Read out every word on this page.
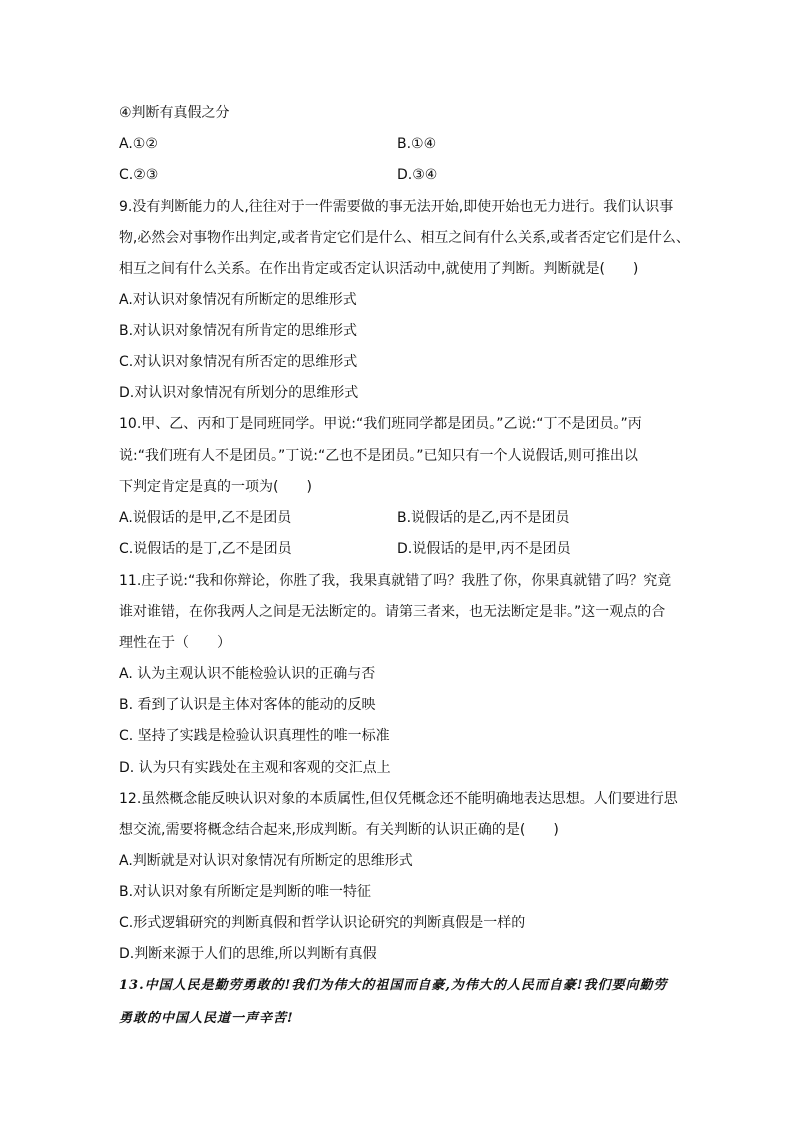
④判断有真假之分
A.①②	B.①④
C.②③	D.③④
9.没有判断能力的人,往往对于一件需要做的事无法开始,即使开始也无力进行。我们认识事
物,必然会对事物作出判定,或者肯定它们是什么、相互之间有什么关系,或者否定它们是什么、
相互之间有什么关系。在作出肯定或否定认识活动中,就使用了判断。判断就是(　　)
A.对认识对象情况有所断定的思维形式
B.对认识对象情况有所肯定的思维形式
C.对认识对象情况有所否定的思维形式
D.对认识对象情况有所划分的思维形式
10.甲、乙、丙和丁是同班同学。甲说:“我们班同学都是团员。”乙说:“丁不是团员。”丙
说:“我们班有人不是团员。”丁说:“乙也不是团员。”已知只有一个人说假话,则可推出以
下判定肯定是真的一项为(　　)
A.说假话的是甲,乙不是团员	B.说假话的是乙,丙不是团员
C.说假话的是丁,乙不是团员	D.说假话的是甲,丙不是团员
11.庄子说:“我和你辩论，你胜了我，我果真就错了吗？我胜了你，你果真就错了吗？究竟
谁对谁错，在你我两人之间是无法断定的。请第三者来，也无法断定是非。”这一观点的合
理性在于（　　）
A. 认为主观认识不能检验认识的正确与否
B. 看到了认识是主体对客体的能动的反映
C. 坚持了实践是检验认识真理性的唯一标准
D. 认为只有实践处在主观和客观的交汇点上
12.虽然概念能反映认识对象的本质属性,但仅凭概念还不能明确地表达思想。人们要进行思
想交流,需要将概念结合起来,形成判断。有关判断的认识正确的是(　　)
A.判断就是对认识对象情况有所断定的思维形式
B.对认识对象有所断定是判断的唯一特征
C.形式逻辑研究的判断真假和哲学认识论研究的判断真假是一样的
D.判断来源于人们的思维,所以判断有真假
13.中国人民是勤劳勇敢的!我们为伟大的祖国而自豪,为伟大的人民而自豪!我们要向勤劳
勇敢的中国人民道一声辛苦!
